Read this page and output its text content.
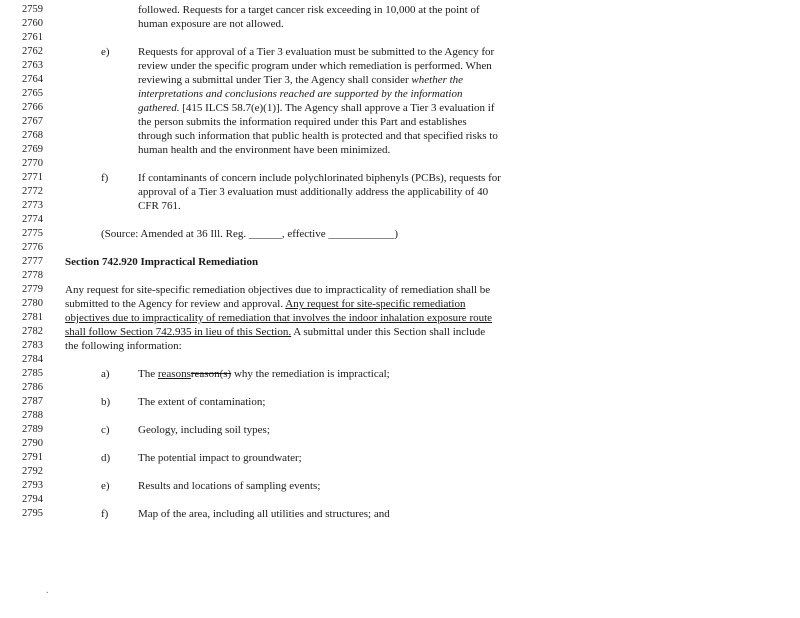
2759
2760
2761
2762
2763
2764
2765
2766
2767
2768
2769
2770
2771
2772
2773
2774
2775
2776
2777
2778
2779
2780
2781
2782
2783
2784
2785
2786
2787
2788
2789
2790
2791
2792
2793
2794
2795
followed. Requests for a target cancer risk exceeding in 10,000 at the point of
human exposure are not allowed.
e)	Requests for approval of a Tier 3 evaluation must be submitted to the Agency for
review under the specific program under which remediation is performed. When
reviewing a submittal under Tier 3, the Agency shall consider whether the
interpretations and conclusions reached are supported by the information
gathered. [415 ILCS 58.7(e)(1)]. The Agency shall approve a Tier 3 evaluation if
the person submits the information required under this Part and establishes
through such information that public health is protected and that specified risks to
human health and the environment have been minimized.
f)	If contaminants of concern include polychlorinated biphenyls (PCBs), requests for
approval of a Tier 3 evaluation must additionally address the applicability of 40
CFR 761.
(Source: Amended at 36 Ill. Reg. ______, effective ____________)
Section 742.920 Impractical Remediation
Any request for site-specific remediation objectives due to impracticality of remediation shall be
submitted to the Agency for review and approval. Any request for site-specific remediation
objectives due to impracticality of remediation that involves the indoor inhalation exposure route
shall follow Section 742.935 in lieu of this Section. A submittal under this Section shall include
the following information:
a)	The reasonsreason(s) why the remediation is impractical;
b)	The extent of contamination;
c)	Geology, including soil types;
d)	The potential impact to groundwater;
e)	Results and locations of sampling events;
f)	Map of the area, including all utilities and structures; and
.
